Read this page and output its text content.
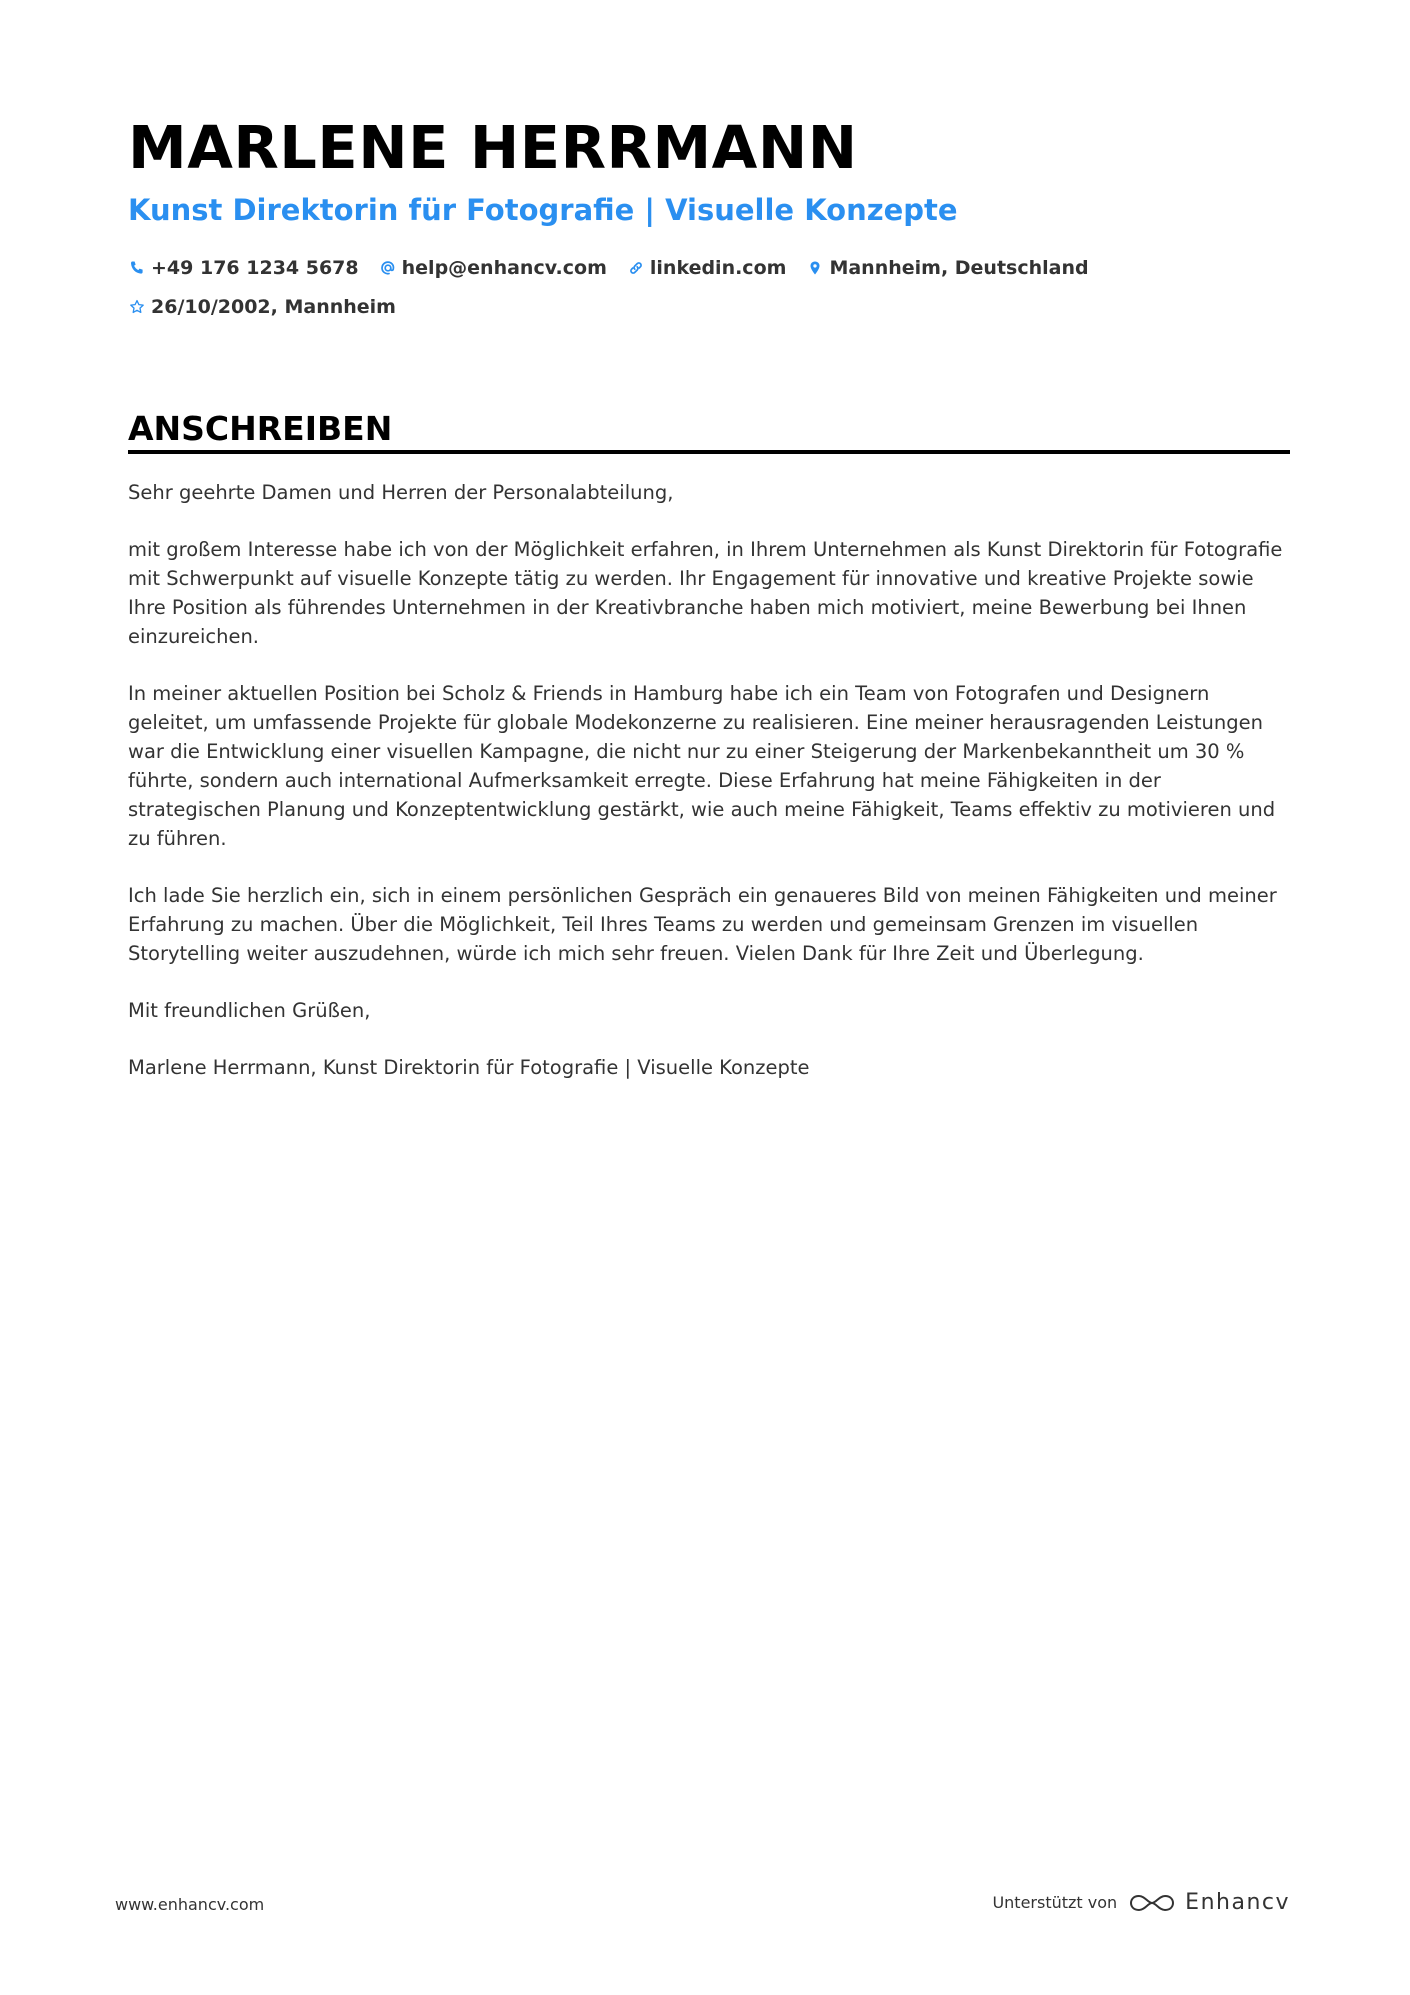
MARLENE HERRMANN
Kunst Direktorin für Fotografie | Visuelle Konzepte
+49 176 1234 5678 help@enhancv.com linkedin.com Mannheim, Deutschland
26/10/2002, Mannheim
ANSCHREIBEN

Sehr geehrte Damen und Herren der Personalabteilung,

mit großem Interesse habe ich von der Möglichkeit erfahren, in Ihrem Unternehmen als Kunst Direktorin für Fotografie mit Schwerpunkt auf visuelle Konzepte tätig zu werden. Ihr Engagement für innovative und kreative Projekte sowie Ihre Position als führendes Unternehmen in der Kreativbranche haben mich motiviert, meine Bewerbung bei Ihnen einzureichen.

In meiner aktuellen Position bei Scholz & Friends in Hamburg habe ich ein Team von Fotografen und Designern geleitet, um umfassende Projekte für globale Modekonzerne zu realisieren. Eine meiner herausragenden Leistungen war die Entwicklung einer visuellen Kampagne, die nicht nur zu einer Steigerung der Markenbekanntheit um 30 % führte, sondern auch international Aufmerksamkeit erregte. Diese Erfahrung hat meine Fähigkeiten in der strategischen Planung und Konzeptentwicklung gestärkt, wie auch meine Fähigkeit, Teams effektiv zu motivieren und zu führen.

Ich lade Sie herzlich ein, sich in einem persönlichen Gespräch ein genaueres Bild von meinen Fähigkeiten und meiner Erfahrung zu machen. Über die Möglichkeit, Teil Ihres Teams zu werden und gemeinsam Grenzen im visuellen Storytelling weiter auszudehnen, würde ich mich sehr freuen. Vielen Dank für Ihre Zeit und Überlegung.

Mit freundlichen Grüßen,

Marlene Herrmann, Kunst Direktorin für Fotografie | Visuelle Konzepte

www.enhancv.com	Unterstützt von	Enhancv
